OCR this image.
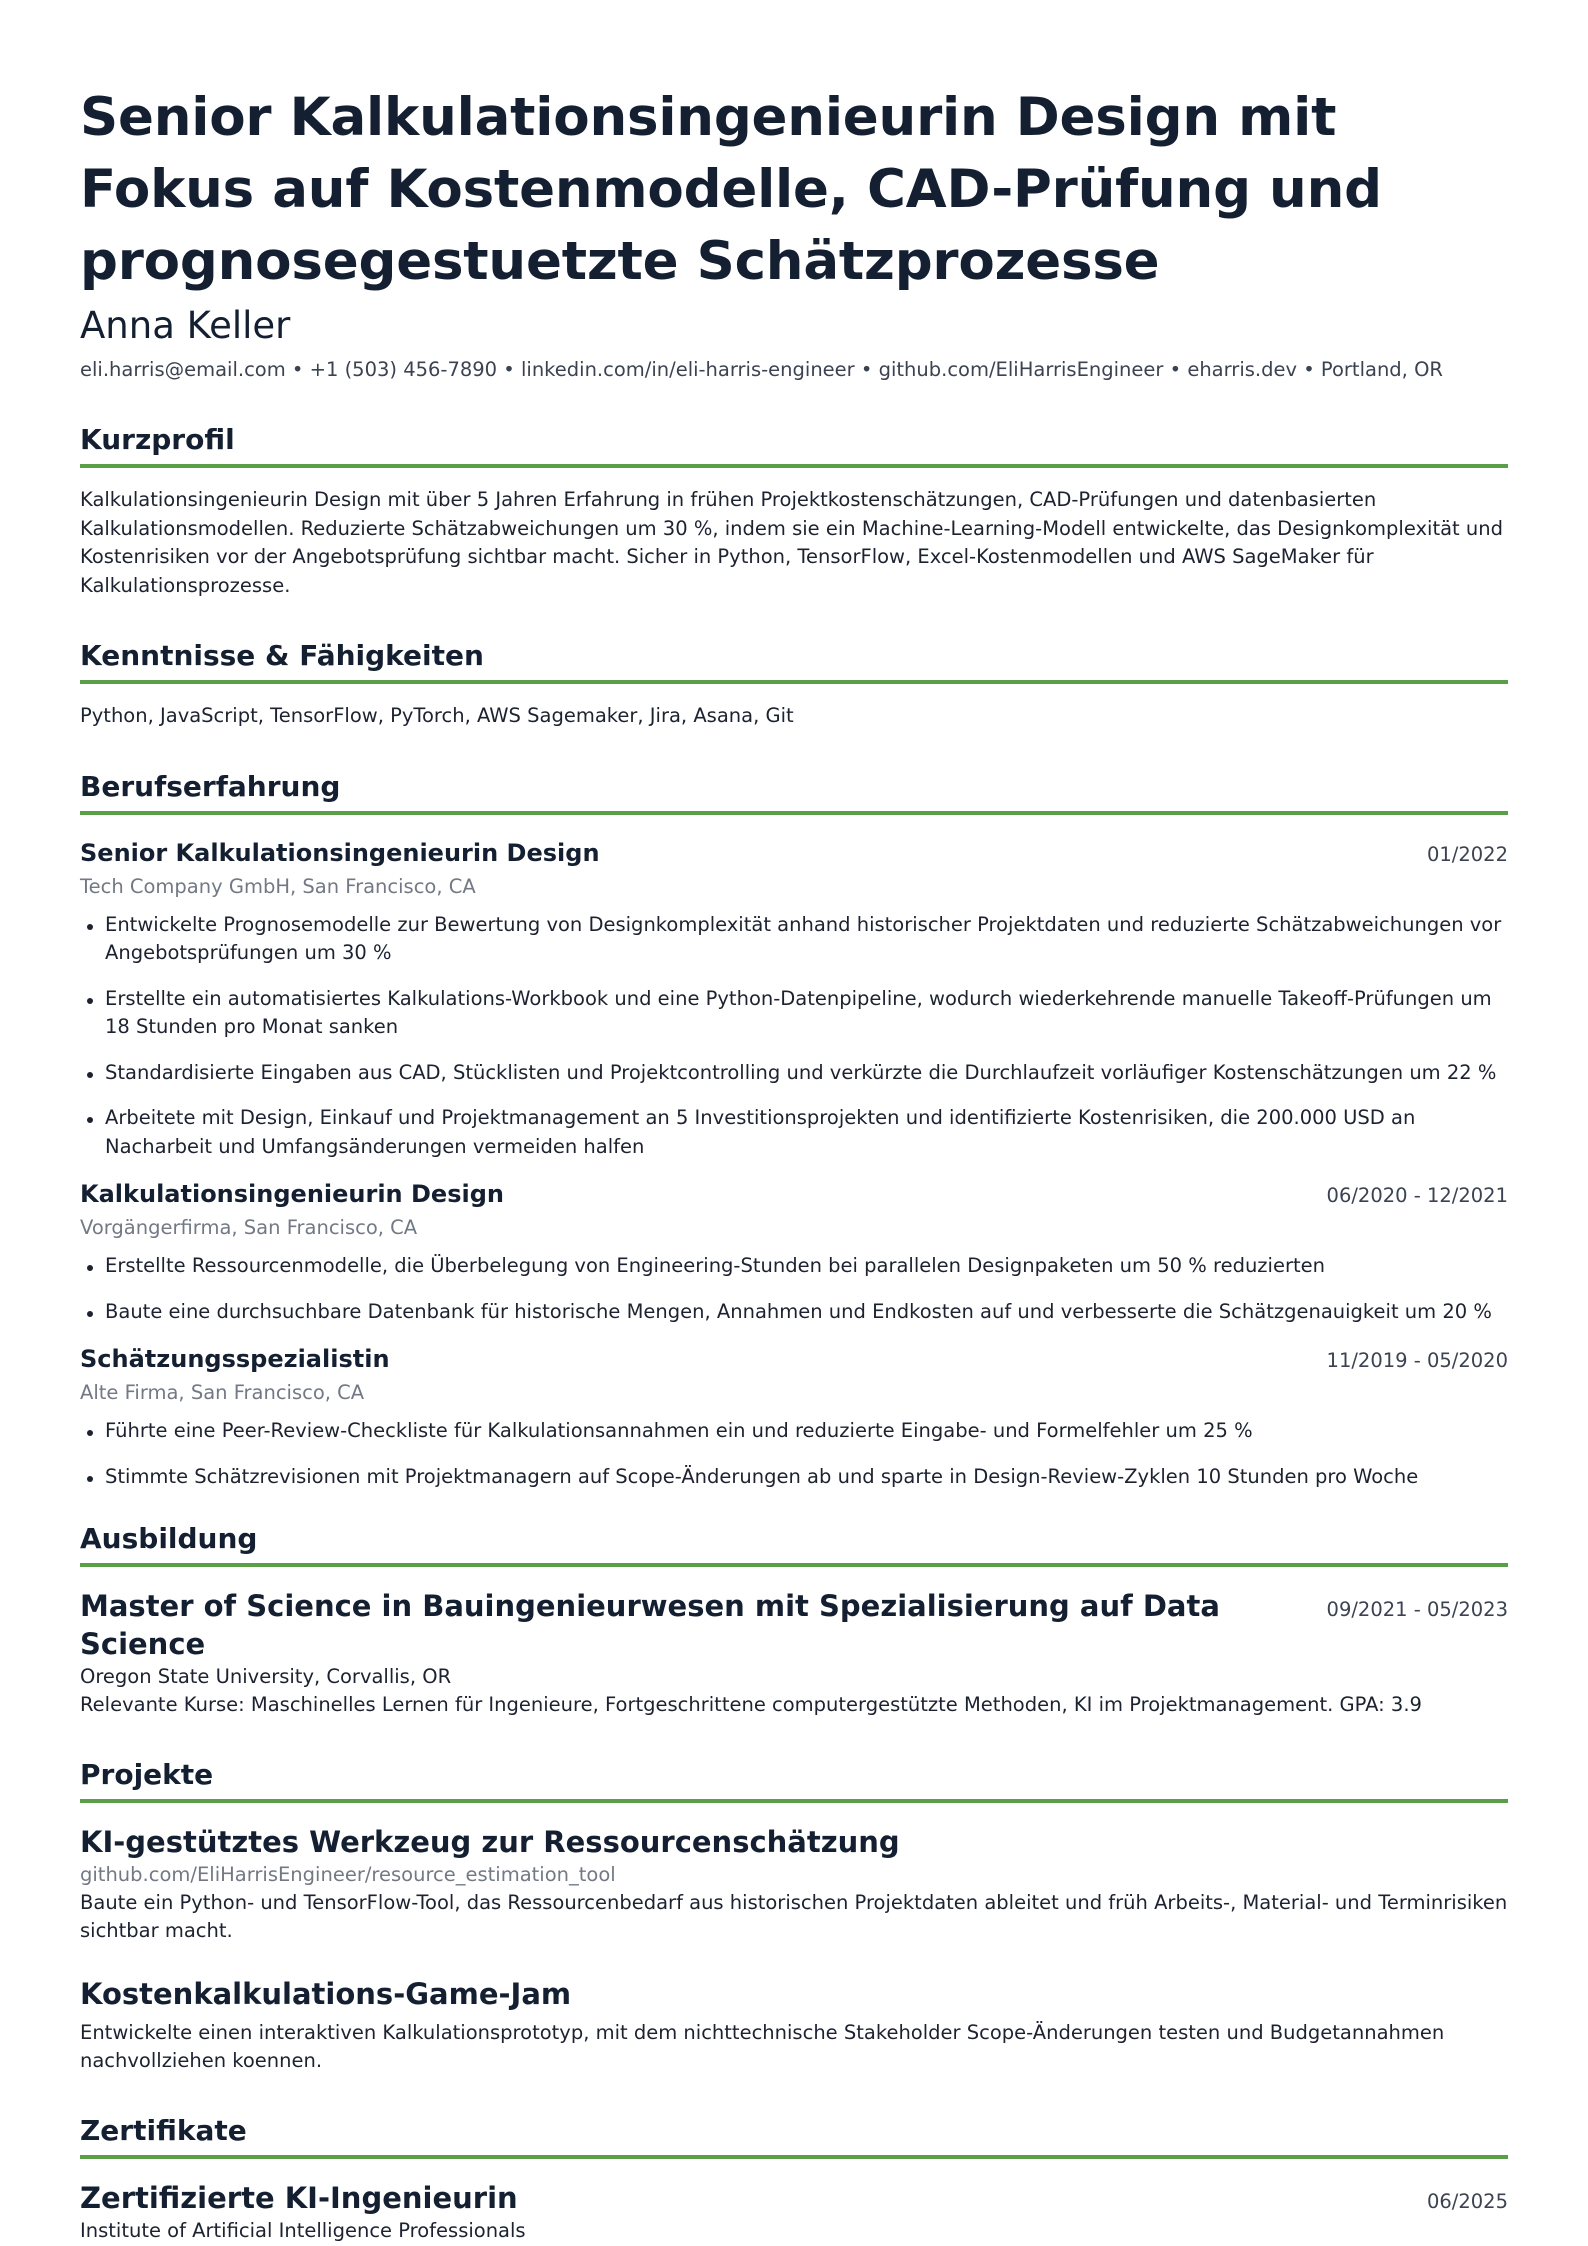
Senior Kalkulationsingenieurin Design mit Fokus auf Kostenmodelle, CAD-Prüfung und prognosegestuetzte Schätzprozesse
Anna Keller
eli.harris@email.com • +1 (503) 456-7890 • linkedin.com/in/eli-harris-engineer • github.com/EliHarrisEngineer • eharris.dev • Portland, OR
Kurzprofil
Kalkulationsingenieurin Design mit über 5 Jahren Erfahrung in frühen Projektkostenschätzungen, CAD-Prüfungen und datenbasierten Kalkulationsmodellen. Reduzierte Schätzabweichungen um 30 %, indem sie ein Machine-Learning-Modell entwickelte, das Designkomplexität und Kostenrisiken vor der Angebotsprüfung sichtbar macht. Sicher in Python, TensorFlow, Excel-Kostenmodellen und AWS SageMaker für Kalkulationsprozesse.
Kenntnisse & Fähigkeiten
Python, JavaScript, TensorFlow, PyTorch, AWS Sagemaker, Jira, Asana, Git
Berufserfahrung
Senior Kalkulationsingenieurin Design	01/2022
Tech Company GmbH, San Francisco, CA
Entwickelte Prognosemodelle zur Bewertung von Designkomplexität anhand historischer Projektdaten und reduzierte Schätzabweichungen vor Angebotsprüfungen um 30 %
Erstellte ein automatisiertes Kalkulations-Workbook und eine Python-Datenpipeline, wodurch wiederkehrende manuelle Takeoff-Prüfungen um 18 Stunden pro Monat sanken
Standardisierte Eingaben aus CAD, Stücklisten und Projektcontrolling und verkürzte die Durchlaufzeit vorläufiger Kostenschätzungen um 22 %
Arbeitete mit Design, Einkauf und Projektmanagement an 5 Investitionsprojekten und identifizierte Kostenrisiken, die 200.000 USD an Nacharbeit und Umfangsänderungen vermeiden halfen
Kalkulationsingenieurin Design	06/2020 - 12/2021
Vorgängerfirma, San Francisco, CA
Erstellte Ressourcenmodelle, die Überbelegung von Engineering-Stunden bei parallelen Designpaketen um 50 % reduzierten
Baute eine durchsuchbare Datenbank für historische Mengen, Annahmen und Endkosten auf und verbesserte die Schätzgenauigkeit um 20 %
Schätzungsspezialistin	11/2019 - 05/2020
Alte Firma, San Francisco, CA
Führte eine Peer-Review-Checkliste für Kalkulationsannahmen ein und reduzierte Eingabe- und Formelfehler um 25 %
Stimmte Schätzrevisionen mit Projektmanagern auf Scope-Änderungen ab und sparte in Design-Review-Zyklen 10 Stunden pro Woche
Ausbildung
Master of Science in Bauingenieurwesen mit Spezialisierung auf Data Science
09/2021 - 05/2023
Oregon State University, Corvallis, OR
Relevante Kurse: Maschinelles Lernen für Ingenieure, Fortgeschrittene computergestützte Methoden, KI im Projektmanagement. GPA: 3.9
Projekte
KI-gestütztes Werkzeug zur Ressourcenschätzung
github.com/EliHarrisEngineer/resource_estimation_tool
Baute ein Python- und TensorFlow-Tool, das Ressourcenbedarf aus historischen Projektdaten ableitet und früh Arbeits-, Material- und Terminrisiken sichtbar macht.
Kostenkalkulations-Game-Jam
Entwickelte einen interaktiven Kalkulationsprototyp, mit dem nichttechnische Stakeholder Scope-Änderungen testen und Budgetannahmen nachvollziehen koennen.
Zertifikate
Zertifizierte KI-Ingenieurin	06/2025
Institute of Artificial Intelligence Professionals
